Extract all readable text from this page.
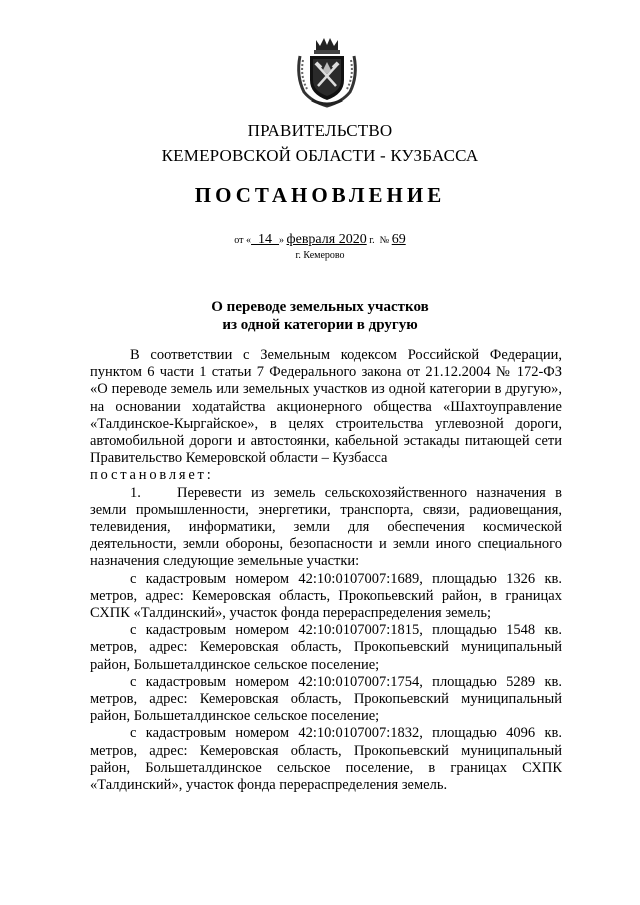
ПРАВИТЕЛЬСТВО
КЕМЕРОВСКОЙ ОБЛАСТИ - КУЗБАССА
ПОСТАНОВЛЕНИЕ
от «  14  » февраля 2020 г.  № 69
г. Кемерово
О переводе земельных участков
из одной категории в другую

В соответствии с Земельным кодексом Российской Федерации, пунктом 6 части 1 статьи 7 Федерального закона от 21.12.2004 № 172-ФЗ «О переводе земель или земельных участков из одной категории в другую», на основании ходатайства акционерного общества «Шахтоуправление «Талдинское-Кыргайское», в целях строительства углевозной дороги, автомобильной дороги и автостоянки, кабельной эстакады питающей сети Правительство Кемеровской области – Кузбасса

постановляет:

1. Перевести из земель сельскохозяйственного назначения в земли промышленности, энергетики, транспорта, связи, радиовещания, телевидения, информатики, земли для обеспечения космической деятельности, земли обороны, безопасности и земли иного специального назначения следующие земельные участки:

с кадастровым номером 42:10:0107007:1689, площадью 1326 кв. метров, адрес: Кемеровская область, Прокопьевский район, в границах СХПК «Талдинский», участок фонда перераспределения земель;

с кадастровым номером 42:10:0107007:1815, площадью 1548 кв. метров, адрес: Кемеровская область, Прокопьевский муниципальный район, Большеталдинское сельское поселение;

с кадастровым номером 42:10:0107007:1754, площадью 5289 кв. метров, адрес: Кемеровская область, Прокопьевский муниципальный район, Большеталдинское сельское поселение;

с кадастровым номером 42:10:0107007:1832, площадью 4096 кв. метров, адрес: Кемеровская область, Прокопьевский муниципальный район, Большеталдинское сельское поселение, в границах СХПК «Талдинский», участок фонда перераспределения земель.
